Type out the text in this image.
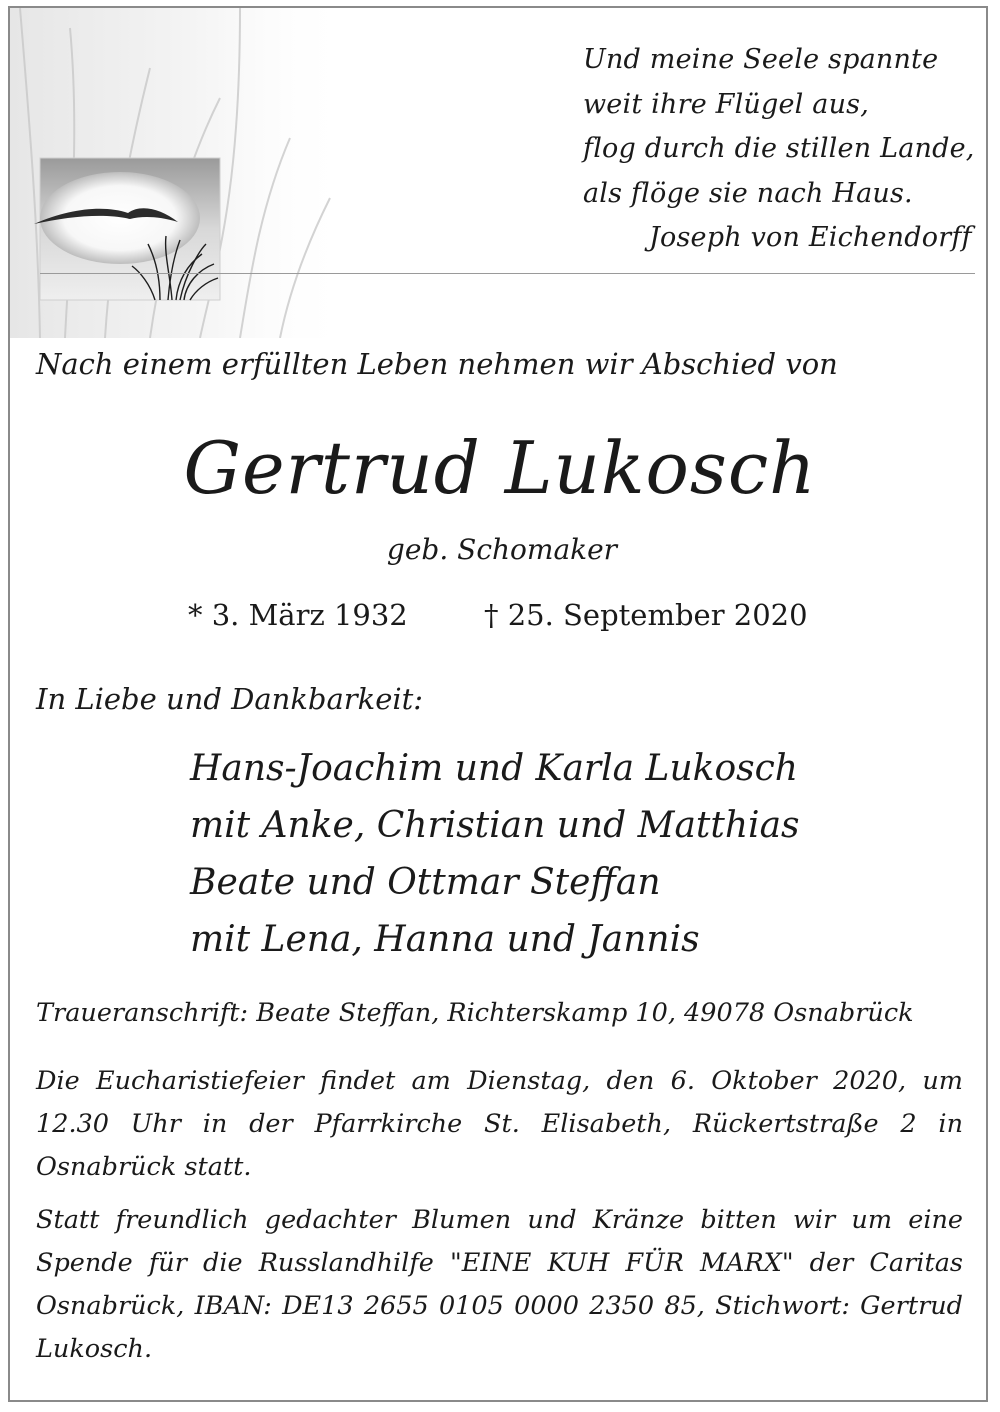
Und meine Seele spannte
weit ihre Flügel aus,
flog durch die stillen Lande,
als flöge sie nach Haus.
Joseph von Eichendorff
Nach einem erfüllten Leben nehmen wir Abschied von
Gertrud Lukosch
geb. Schomaker
* 3. März 1932	† 25. September 2020
In Liebe und Dankbarkeit:
Hans-Joachim und Karla Lukosch
mit Anke, Christian und Matthias
Beate und Ottmar Steffan
mit Lena, Hanna und Jannis
Traueranschrift: Beate Steffan, Richterskamp 10, 49078 Osnabrück
Die Eucharistiefeier findet am Dienstag, den 6. Oktober 2020, um 12.30 Uhr in der Pfarrkirche St. Elisabeth, Rückertstraße 2 in Osnabrück statt.
Statt freundlich gedachter Blumen und Kränze bitten wir um eine Spende für die Russlandhilfe "EINE KUH FÜR MARX" der Caritas Osnabrück, IBAN: DE13 2655 0105 0000 2350 85, Stichwort: Gertrud Lukosch.
